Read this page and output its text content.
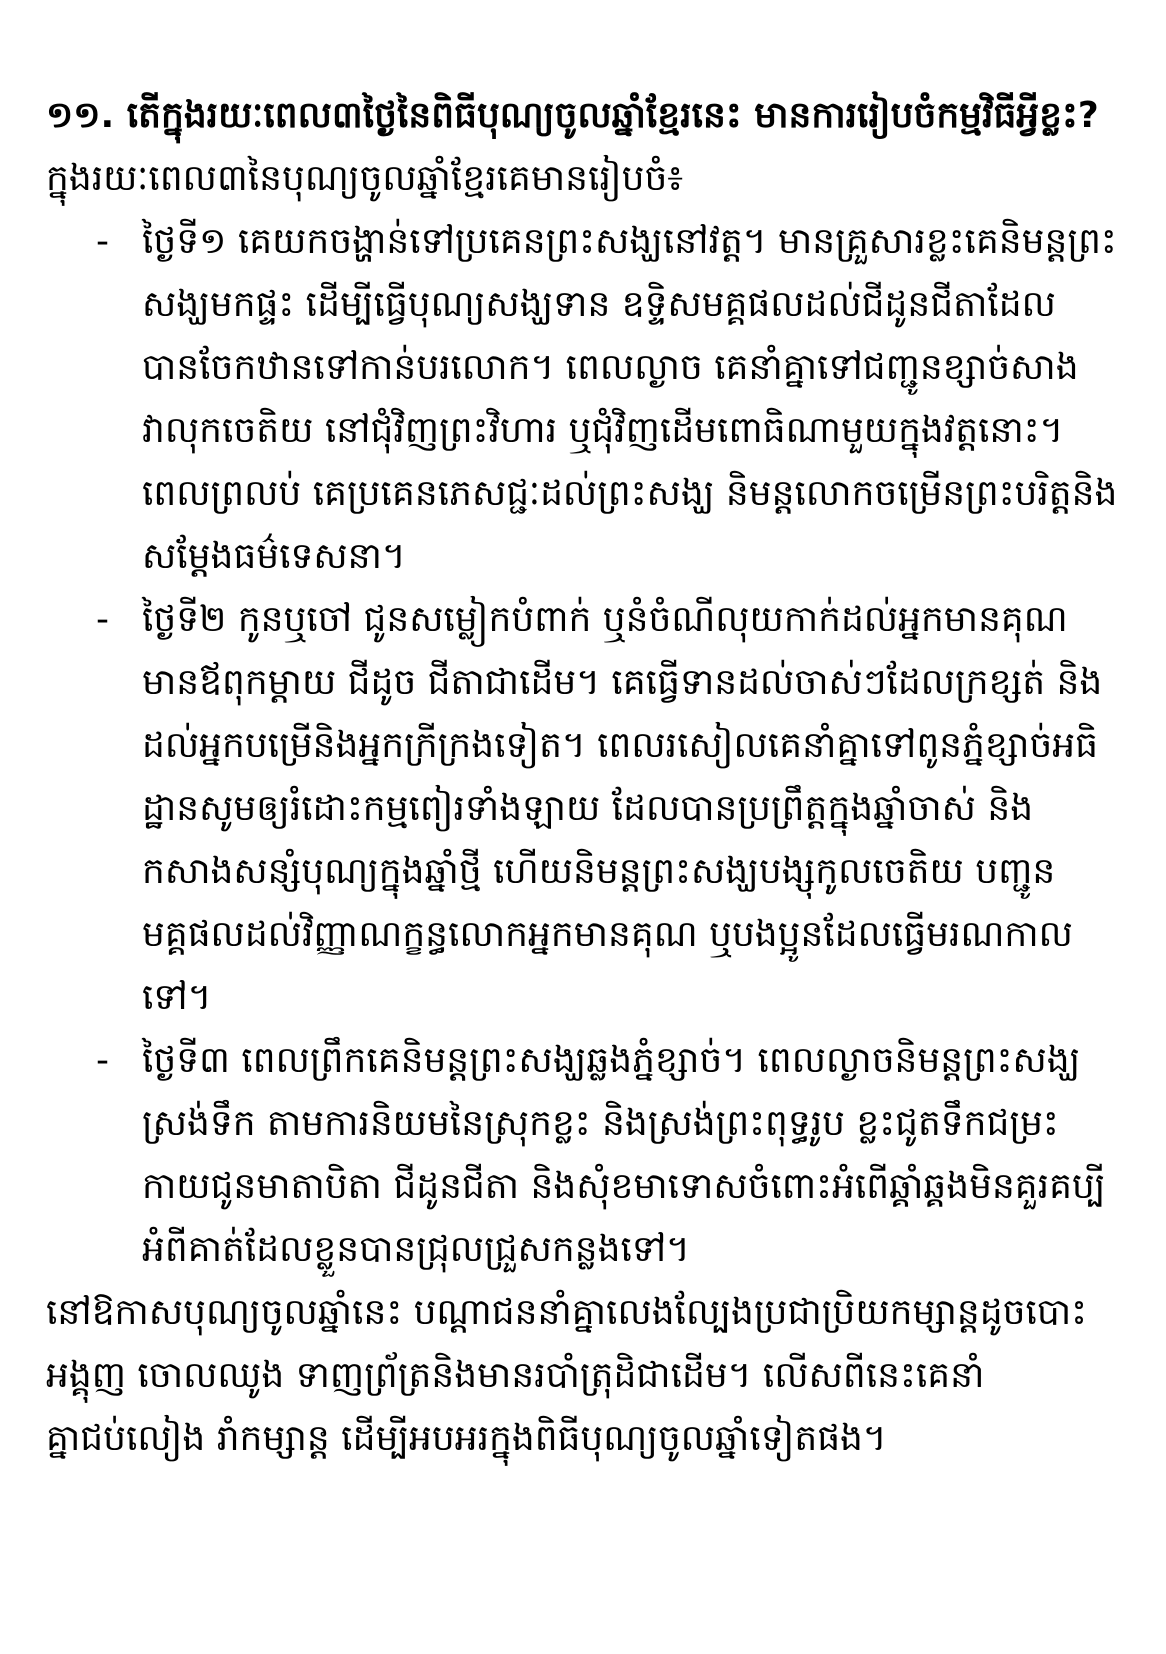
១១. តើក្នុងរយៈពេល៣ថ្ងៃនៃពិធីបុណ្យចូលឆ្នាំខ្មែរនេះ មានការរៀបចំកម្មវិធីអ្វីខ្លះ?

ក្នុងរយៈពេល៣នៃបុណ្យចូលឆ្នាំខ្មែរគេមានរៀបចំ៖

- ថ្ងៃទី១ គេយកចង្ហាន់ទៅប្រគេនព្រះសង្ឃនៅវត្ត។ មានគ្រួសារខ្លះគេនិមន្តព្រះសង្ឃមកផ្ទះ ដើម្បីធ្វើបុណ្យសង្ឃទាន ឧទ្ទិសមគ្គផលដល់ជីដូនជីតាដែលបានចែកឋានទៅកាន់បរលោក។ ពេលល្ងាច គេនាំគ្នាទៅជញ្ជូនខ្សាច់សាង វាលុកចេតិយ នៅជុំវិញព្រះវិហារ ឬជុំវិញដើមពោធិណាមួយក្នុងវត្តនោះ។ ពេលព្រលប់ គេប្រគេនភេសជ្ជៈដល់ព្រះសង្ឃ និមន្តលោកចម្រើនព្រះបរិត្តនិងសម្តែងធម៌ទេសនា។
- ថ្ងៃទី២ កូនឬចៅ ជូនសម្លៀកបំពាក់ ឬនំចំណីលុយកាក់ដល់អ្នកមានគុណ មានឪពុកម្តាយ ជីដូច ជីតាជាដើម។ គេធ្វើទានដល់ចាស់ៗដែលក្រខ្សត់ និងដល់អ្នកបម្រើនិងអ្នកក្រីក្រងទៀត។ ពេលរសៀលគេនាំគ្នាទៅពូនភ្នំខ្សាច់អធិដ្ឋានសូមឲ្យរំដោះកម្មពៀរទាំងឡាយ ដែលបានប្រព្រឹត្តក្នុងឆ្នាំចាស់ និងកសាងសន្សំបុណ្យក្នុងឆ្នាំថ្មី ហើយនិមន្តព្រះសង្ឃបង្សុកូលចេតិយ បញ្ជូនមគ្គផលដល់វិញ្ញាណក្ខន្ធលោកអ្នកមានគុណ ឬបងប្អូនដែលធ្វើមរណកាលទៅ។
- ថ្ងៃទី៣ ពេលព្រឹកគេនិមន្តព្រះសង្ឃឆ្លងភ្នំខ្សាច់។ ពេលល្ងាចនិមន្តព្រះសង្ឃស្រង់ទឹក តាមការនិយមនៃស្រុកខ្លះ និងស្រង់ព្រះពុទ្ធរូប ខ្លះជូតទឹកជម្រះកាយជូនមាតាបិតា ជីដូនជីតា និងសុំខមាទោសចំពោះអំពើឆ្គាំឆ្គងមិនគួរគប្បីអំពីគាត់ដែលខ្លួនបានជ្រុលជ្រួសកន្លងទៅ។

នៅឱកាសបុណ្យចូលឆ្នាំនេះ បណ្តាជននាំគ្នាលេងល្បែងប្រជាប្រិយកម្សាន្តដូចបោះអង្គុញ ចោលឈូង ទាញព្រ័ត្រនិងមានរបាំត្រុដិជាដើម។ លើសពីនេះគេនាំគ្នាជប់លៀង រាំកម្សាន្ត ដើម្បីអបអរក្នុងពិធីបុណ្យចូលឆ្នាំទៀតផង។
